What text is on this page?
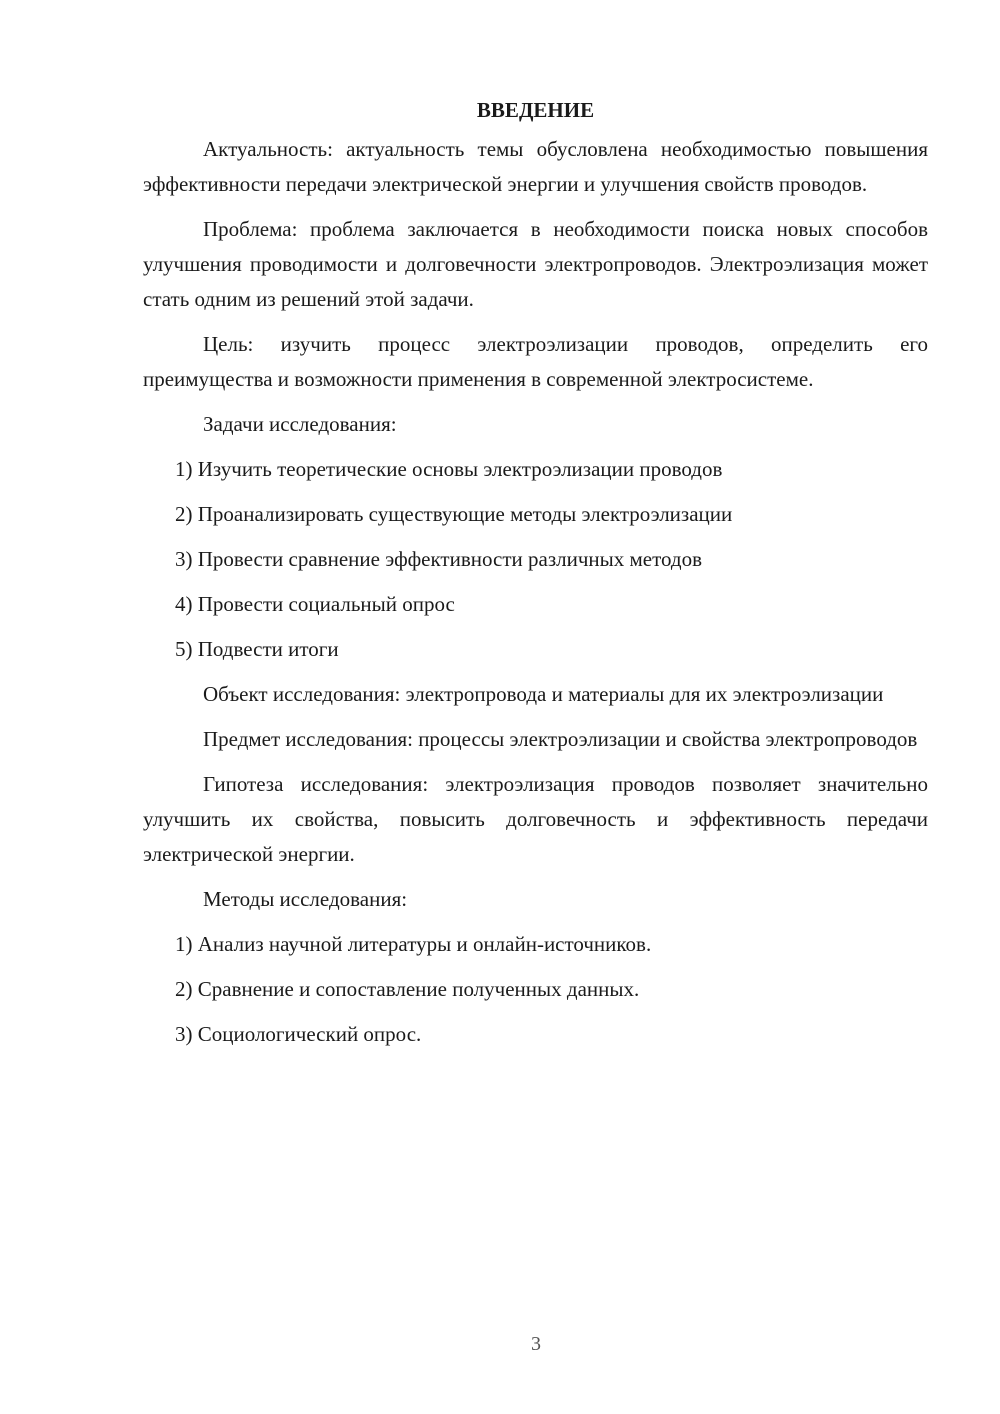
ВВЕДЕНИЕ

Актуальность: актуальность темы обусловлена необходимостью повышения эффективности передачи электрической энергии и улучшения свойств проводов.

Проблема: проблема заключается в необходимости поиска новых способов улучшения проводимости и долговечности электропроводов. Электроэлизация может стать одним из решений этой задачи.

Цель: изучить процесс электроэлизации проводов, определить его преимущества и возможности применения в современной электросистеме.

Задачи исследования:

1) Изучить теоретические основы электроэлизации проводов

2) Проанализировать существующие методы электроэлизации

3) Провести сравнение эффективности различных методов

4) Провести социальный опрос

5) Подвести итоги

Объект исследования: электропровода и материалы для их электроэлизации

Предмет исследования: процессы электроэлизации и свойства электропроводов

Гипотеза исследования: электроэлизация проводов позволяет значительно улучшить их свойства, повысить долговечность и эффективность передачи электрической энергии.

Методы исследования:

1) Анализ научной литературы и онлайн-источников.

2) Сравнение и сопоставление полученных данных.

3) Социологический опрос.

3
